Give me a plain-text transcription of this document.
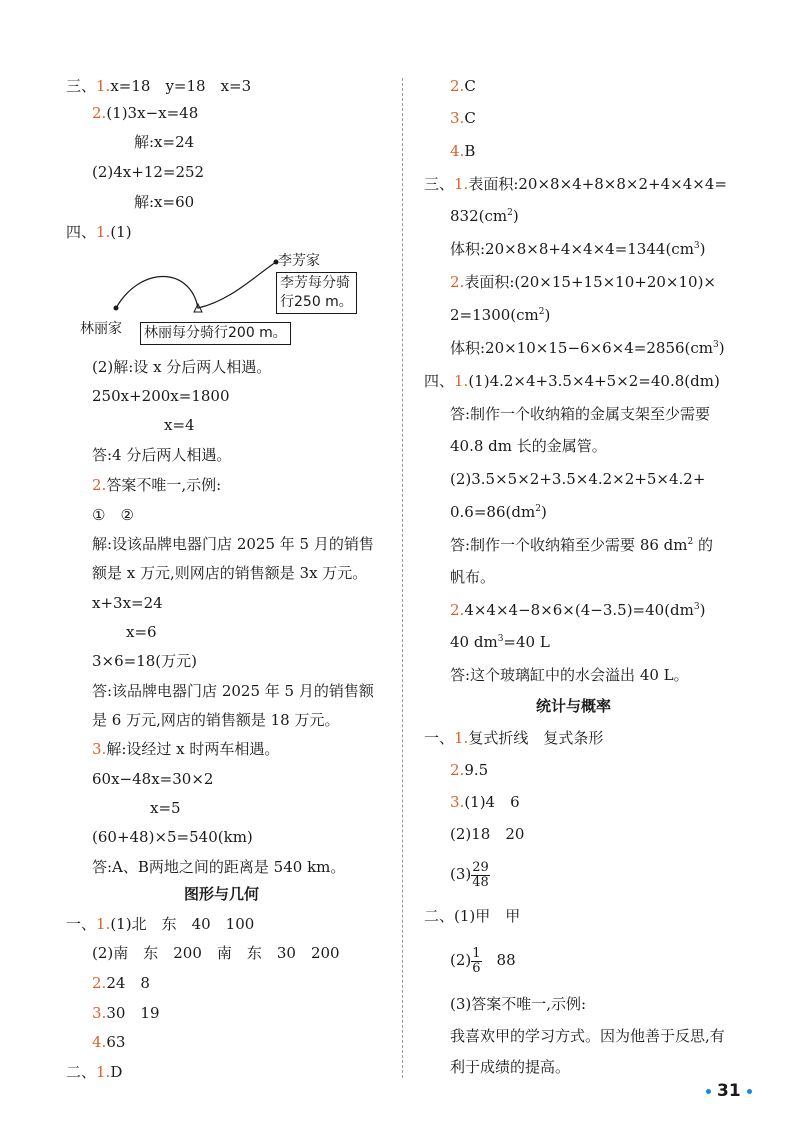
三、1.x=18　y=18　x=3
2.(1)3x−x=48
解:x=24
(2)4x+12=252
解:x=60
四、1.(1)
李芳家
李芳每分骑
行250 m。
林丽家 林丽每分骑行200 m。
(2)解:设 x 分后两人相遇。
250x+200x=1800
x=4
答:4 分后两人相遇。
2.答案不唯一,示例:
①　②
解:设该品牌电器门店 2025 年 5 月的销售
额是 x 万元,则网店的销售额是 3x 万元。
x+3x=24
x=6
3×6=18(万元)
答:该品牌电器门店 2025 年 5 月的销售额
是 6 万元,网店的销售额是 18 万元。
3.解:设经过 x 时两车相遇。
60x−48x=30×2
x=5
(60+48)×5=540(km)
答:A、B两地之间的距离是 540 km。
图形与几何
一、1.(1)北　东　40　100
(2)南　东　200　南　东　30　200
2.24　8
3.30　19
4.63
二、1.D
2.C
3.C
4.B
三、1.表面积:20×8×4+8×8×2+4×4×4=
$832(cm^2)$
体积$:20\times 8\times 8+4\times 4\times 4=1344(cm^3)$
2.表面积:(20×15+15×10+20×10)×
$2=1300(cm^2)$
体积$:20\times 10\times 15-6\times 6\times 4=2856(cm^3)$
四、1.(1)4.2×4+3.5×4+5×2=40.8(dm)
答:制作一个收纳箱的金属支架至少需要
40.8 dm 长的金属管。
(2)3.5×5×2+3.5×4.2×2+5×4.2+
$0.6=86(dm^2)$
答:制作一个收纳箱至少需要 86 $dm^2$ 的
帆布。
$2.4\times 4\times 4-8\times 6\times(4-3.5)=40(dm^3)$
40 $dm^3=40$ L
答:这个玻璃缸中的水会溢出 40 L。
统计与概率
一、1.复式折线　复式条形
2.9.5
3.(1)4　6
(2)18　20
$(3) \frac{29}{48}$
二、(1)甲　甲
$(2) \frac{1}{6}$ 　88
(3)答案不唯一,示例:
我喜欢甲的学习方式。因为他善于反思,有
利于成绩的提高。
31
